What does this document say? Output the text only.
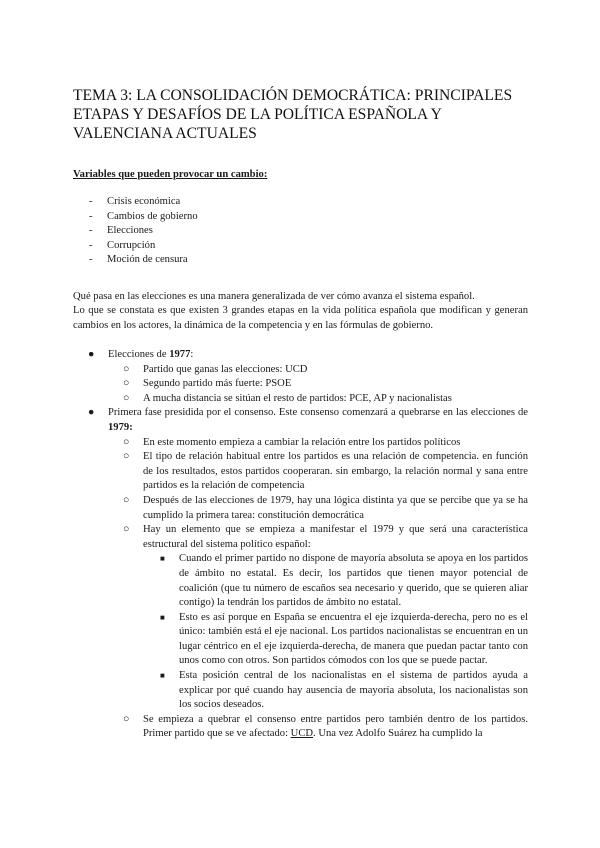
TEMA 3: LA CONSOLIDACIÓN DEMOCRÁTICA: PRINCIPALES ETAPAS Y DESAFÍOS DE LA POLÍTICA ESPAÑOLA Y VALENCIANA ACTUALES

Variables que pueden provocar un cambio:

- Crisis económica
- Cambios de gobierno
- Elecciones
- Corrupción
- Moción de censura

Qué pasa en las elecciones es una manera generalizada de ver cómo avanza el sistema español.

Lo que se constata es que existen 3 grandes etapas en la vida política española que modifican y generan cambios en los actores, la dinámica de la competencia y en las fórmulas de gobierno.

● Elecciones de 1977:
○ Partido que ganas las elecciones: UCD
○ Segundo partido más fuerte: PSOE
○ A mucha distancia se sitúan el resto de partidos: PCE, AP y nacionalistas
● Primera fase presidida por el consenso. Este consenso comenzará a quebrarse en las elecciones de 1979:
○ En este momento empieza a cambiar la relación entre los partidos políticos
○ El tipo de relación habitual entre los partidos es una relación de competencia. en función de los resultados, estos partidos cooperaran. sin embargo, la relación normal y sana entre partidos es la relación de competencia
○ Después de las elecciones de 1979, hay una lógica distinta ya que se percibe que ya se ha cumplido la primera tarea: constitución democrática
○ Hay un elemento que se empieza a manifestar el 1979 y que será una característica estructural del sistema político español:
■ Cuando el primer partido no dispone de mayoría absoluta se apoya en los partidos de ámbito no estatal. Es decir, los partidos que tienen mayor potencial de coalición (que tu número de escaños sea necesario y querido, que se quieren aliar contigo) la tendrán los partidos de ámbito no estatal.
■ Esto es así porque en España se encuentra el eje izquierda-derecha, pero no es el único: también está el eje nacional. Los partidos nacionalistas se encuentran en un lugar céntrico en el eje izquierda-derecha, de manera que puedan pactar tanto con unos como con otros. Son partidos cómodos con los que se puede pactar.
■ Esta posición central de los nacionalistas en el sistema de partidos ayuda a explicar por qué cuando hay ausencia de mayoría absoluta, los nacionalistas son los socios deseados.
○ Se empieza a quebrar el consenso entre partidos pero también dentro de los partidos. Primer partido que se ve afectado: UCD. Una vez Adolfo Suárez ha cumplido la
